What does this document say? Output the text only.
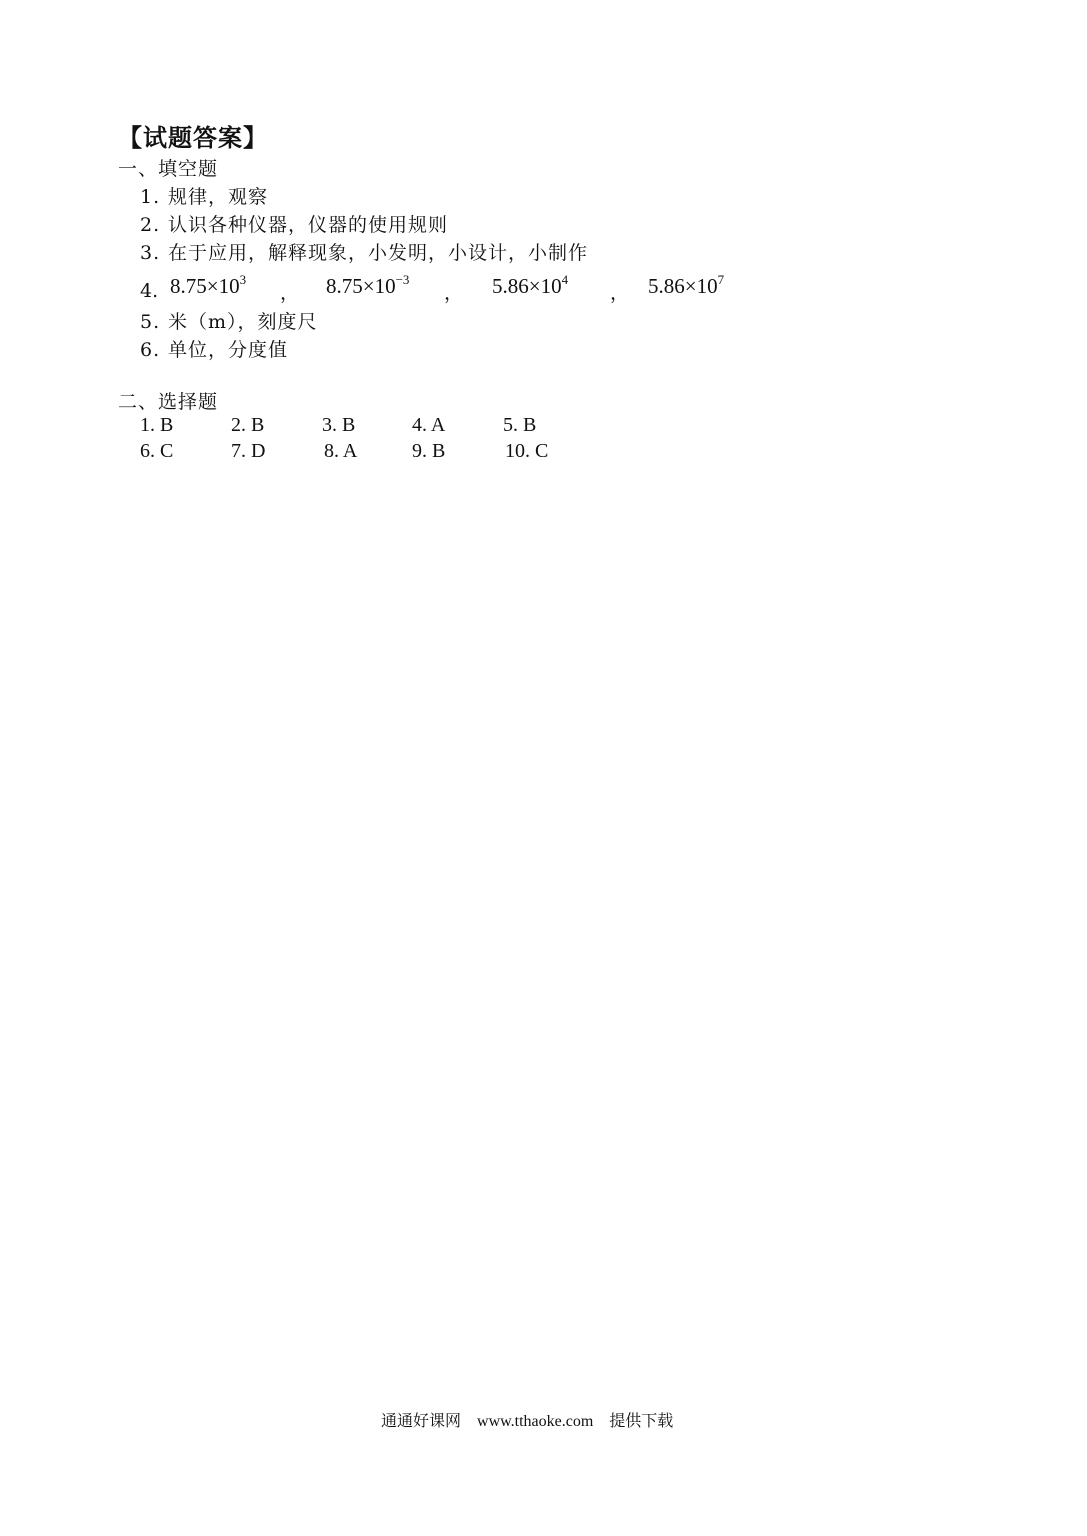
【试题答案】
一、填空题
1. 规律，观察
2. 认识各种仪器，仪器的使用规则
3. 在于应用，解释现象，小发明，小设计，小制作
4. $8.75\times 10^3$
， $8.75\times 10^{-3}$
， $5.86\times 10^4$
， $5.86\times 10^7$
5. 米（m），刻度尺
6. 单位，分度值
二、选择题
1. B	2. B	3. B	4. A	5. B
6. C	7. D	8. A	9. B	10. C
通通好课网 www.tthaoke.com 提供下载
